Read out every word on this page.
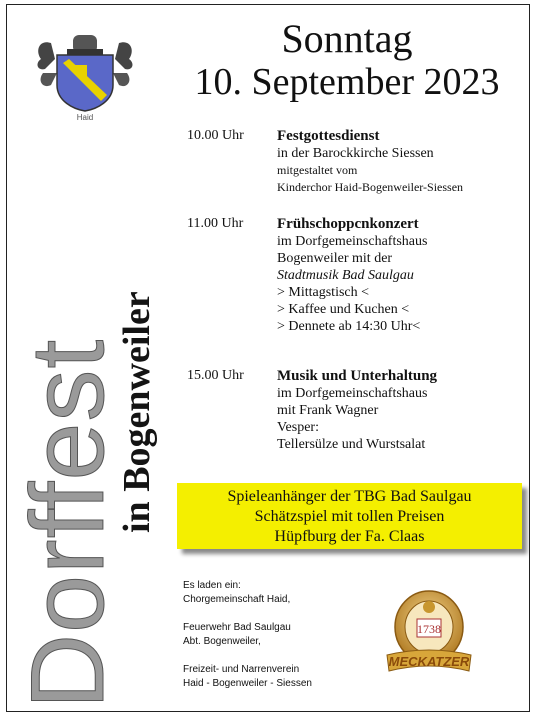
Haid
in Bogenweiler
Dorffest
Sonntag
10. September 2023
10.00 Uhr	Festgottesdienst
in der Barockkirche Siessen
mitgestaltet vom
Kinderchor Haid-Bogenweiler-Siessen
11.00 Uhr	Frühschoppcnkonzert
im Dorfgemeinschaftshaus
Bogenweiler mit der
Stadtmusik Bad Saulgau
> Mittagstisch <
> Kaffee und Kuchen <
> Dennete ab 14:30 Uhr<
15.00 Uhr	Musik und Unterhaltung
im Dorfgemeinschaftshaus
mit Frank Wagner
Vesper:
Tellersülze und Wurstsalat
Spieleanhänger der TBG Bad Saulgau
Schätzspiel mit tollen Preisen
Hüpfburg der Fa. Claas
Es laden ein:
Chorgemeinschaft Haid,
Feuerwehr Bad Saulgau
Abt. Bogenweiler,
Freizeit- und Narrenverein
Haid - Bogenweiler - Siessen
1738
MECKATZER
